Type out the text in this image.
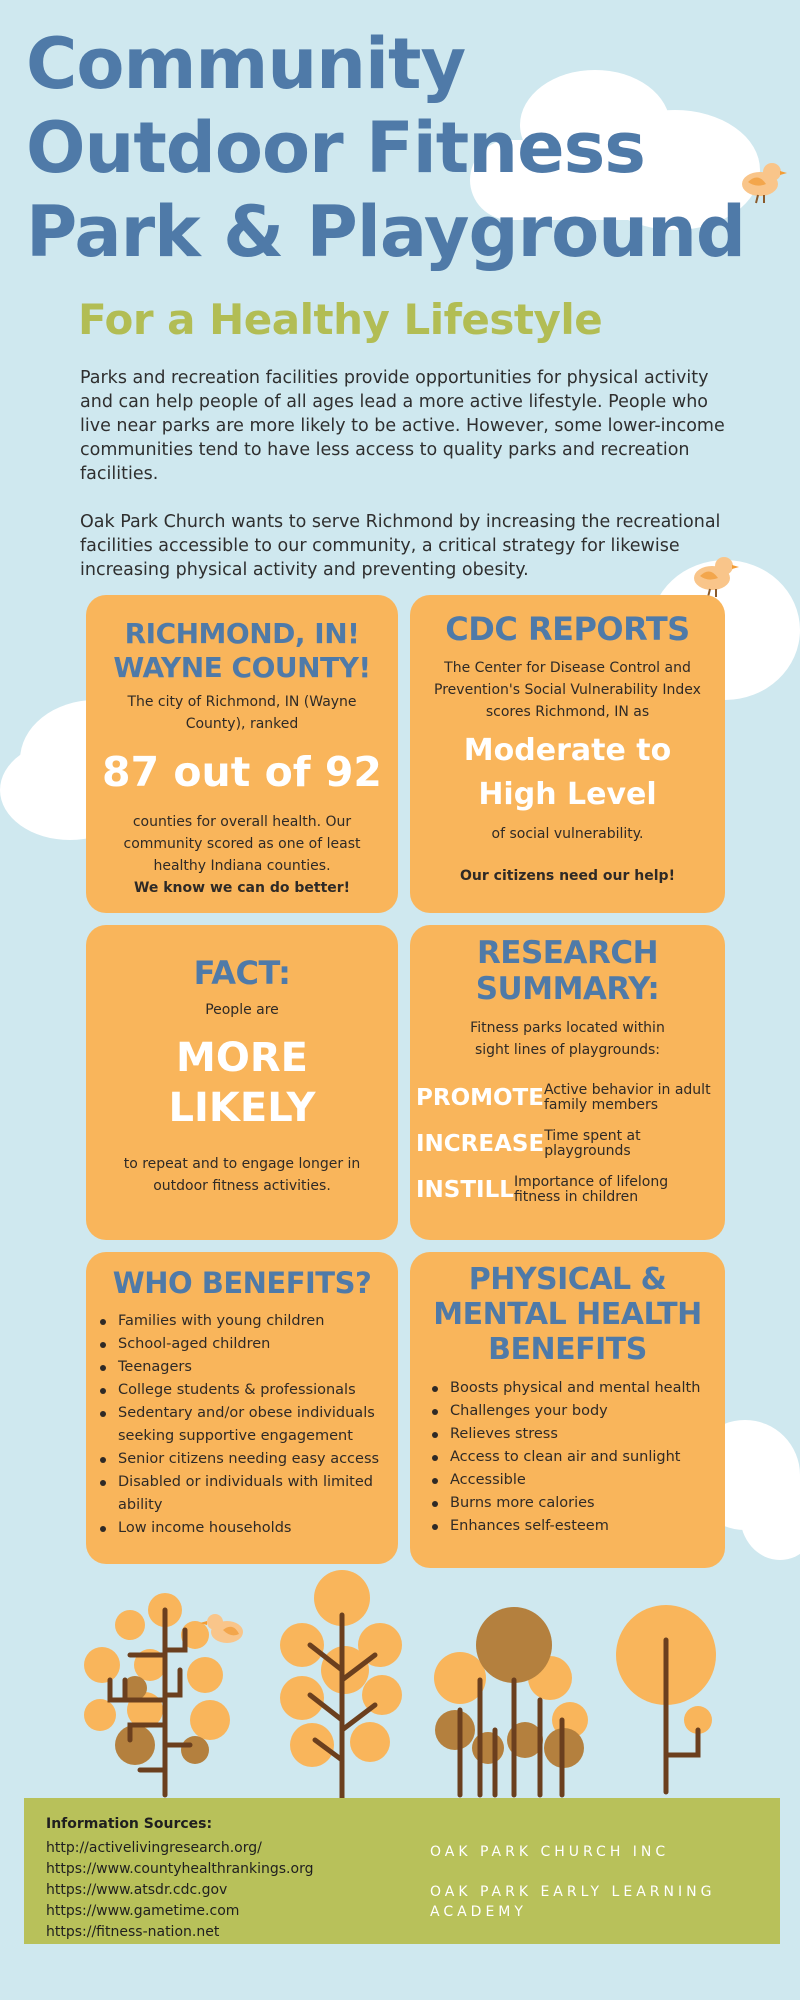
Community
Outdoor Fitness
Park & Playground
For a Healthy Lifestyle

Parks and recreation facilities provide opportunities for physical activity and can help people of all ages lead a more active lifestyle. People who live near parks are more likely to be active. However, some lower-income communities tend to have less access to quality parks and recreation facilities.

Oak Park Church wants to serve Richmond by increasing the recreational facilities accessible to our community, a critical strategy for likewise increasing physical activity and preventing obesity.

RICHMOND, IN!
WAYNE COUNTY!

The city of Richmond, IN (Wayne County), ranked

87 out of 92

counties for overall health. Our community scored as one of least healthy Indiana counties.

We know we can do better!

CDC REPORTS

The Center for Disease Control and Prevention's Social Vulnerability Index scores Richmond, IN as

Moderate to
High Level

of social vulnerability.

Our citizens need our help!

FACT:

People are

MORE
LIKELY

to repeat and to engage longer in outdoor fitness activities.

RESEARCH
SUMMARY:

Fitness parks located within sight lines of playgrounds:

PROMOTE Active behavior in adult family members
INCREASE Time spent at playgrounds
INSTILL Importance of lifelong fitness in children
WHO BENEFITS?
Families with young children
School-aged children
Teenagers
College students & professionals
Sedentary and/or obese individuals seeking supportive engagement
Senior citizens needing easy access
Disabled or individuals with limited ability
Low income households
PHYSICAL &
MENTAL HEALTH
BENEFITS
Boosts physical and mental health
Challenges your body
Relieves stress
Access to clean air and sunlight
Accessible
Burns more calories
Enhances self-esteem
Information Sources:
http://activelivingresearch.org/
https://www.countyhealthrankings.org
https://www.atsdr.cdc.gov
https://www.gametime.com
https://fitness-nation.net
OAK PARK CHURCH INC
OAK PARK EARLY LEARNING ACADEMY
